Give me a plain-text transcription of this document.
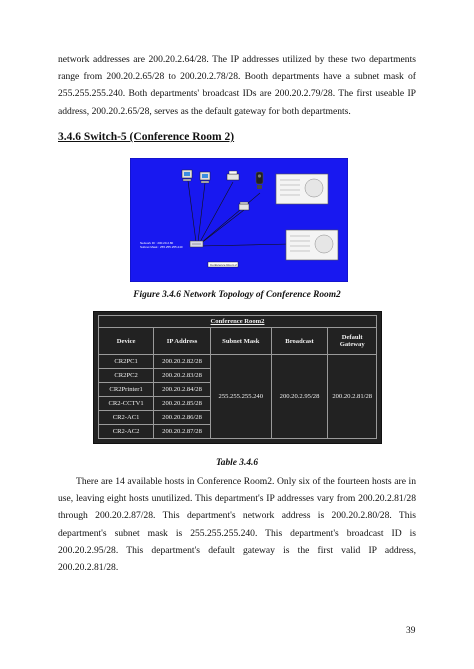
network addresses are 200.20.2.64/28. The IP addresses utilized by these two departments range from 200.20.2.65/28 to 200.20.2.78/28. Booth departments have a subnet mask of 255.255.255.240. Both departments' broadcast IDs are 200.20.2.79/28. The first useable IP address, 200.20.2.65/28, serves as the default gateway for both departments.

3.4.6 Switch-5 (Conference Room 2)
Network ID : 200.20.2.80
Subnet Mask : 255.255.255.240
Conference Room 2
Figure 3.4.6 Network Topology of Conference Room2
Conference Room2				
Device	IP Address	Subnet Mask	Broadcast	Default Gateway
CR2PC1	200.20.2.82/28	255.255.255.240	200.20.2.95/28	200.20.2.81/28
CR2PC2	200.20.2.83/28			
CR2Printer1	200.20.2.84/28			
CR2-CCTV1	200.20.2.85/28			
CR2-AC1	200.20.2.86/28			
CR2-AC2	200.20.2.87/28			
Table 3.4.6

There are 14 available hosts in Conference Room2. Only six of the fourteen hosts are in use, leaving eight hosts unutilized. This department's IP addresses vary from 200.20.2.81/28 through 200.20.2.87/28. This department's network address is 200.20.2.80/28. This department's subnet mask is 255.255.255.240. This department's broadcast ID is 200.20.2.95/28. This department's default gateway is the first valid IP address, 200.20.2.81/28.

39
